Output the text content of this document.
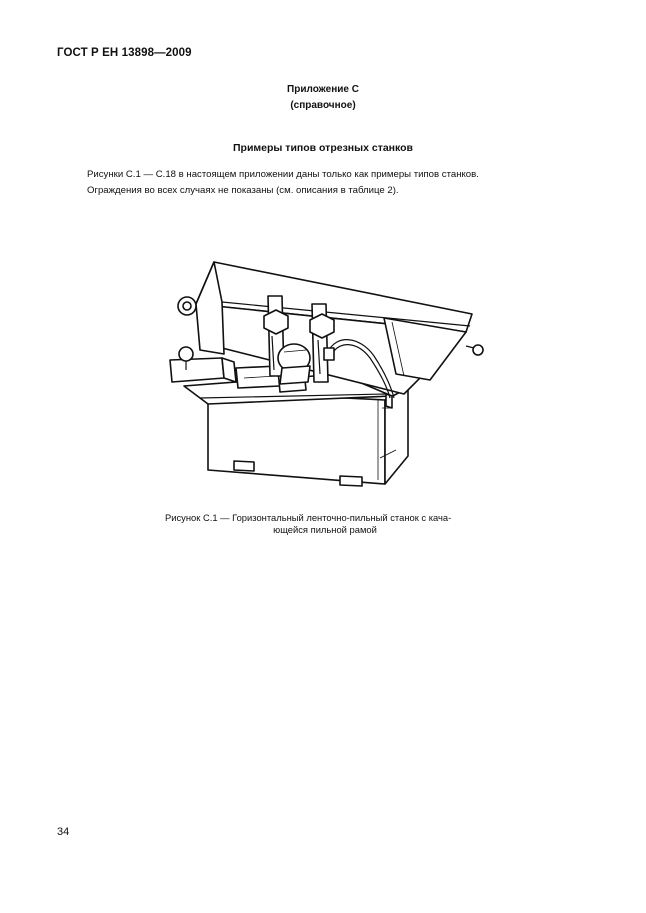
ГОСТ Р ЕН 13898—2009
Приложение С
(справочное)
Примеры типов отрезных станков

Рисунки С.1 — С.18 в настоящем приложении даны только как примеры типов станков.
Ограждения во всех случаях не показаны (см. описания в таблице 2).

Рисунок С.1 — Горизонтальный ленточно-пильный станок с кача-
ющейся пильной рамой
34
